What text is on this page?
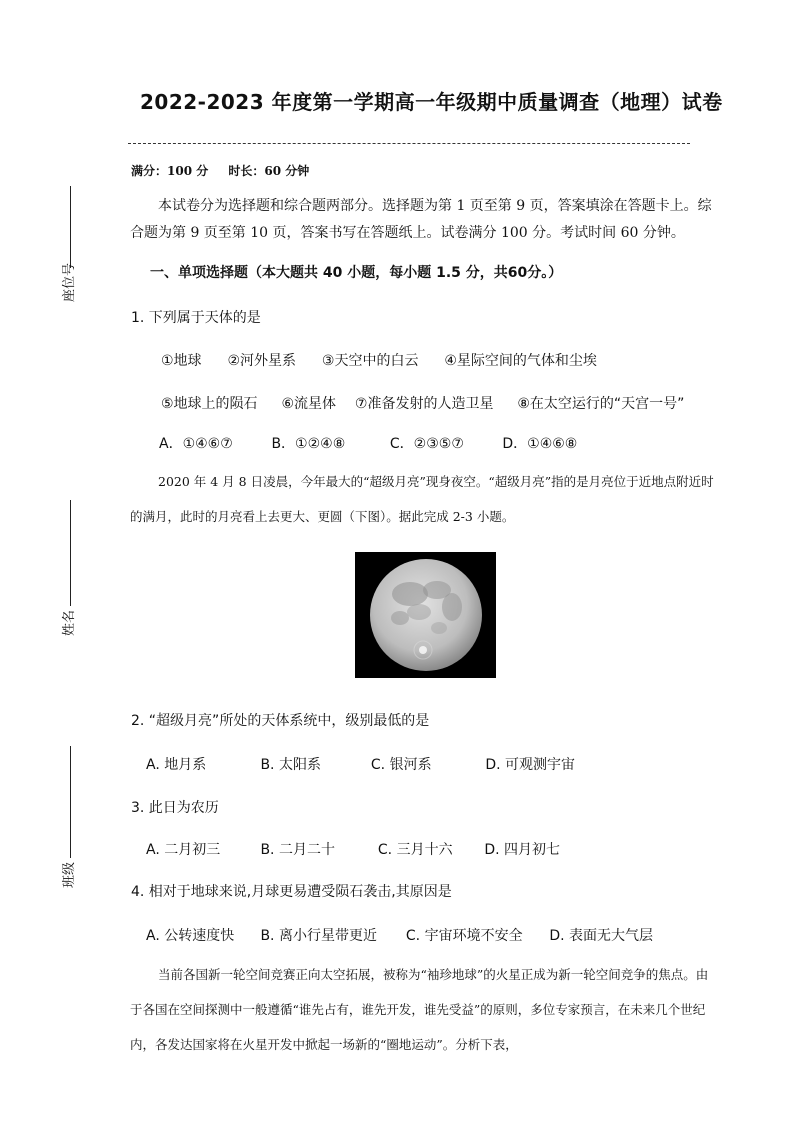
座位号
姓名
班级
2022-2023 年度第一学期高一年级期中质量调查（地理）试卷
满分：100 分 时长：60 分钟
本试卷分为选择题和综合题两部分。选择题为第 1 页至第 9 页，答案填涂在答题卡上。综合题为第 9 页至第 10 页，答案书写在答题纸上。试卷满分 100 分。考试时间 60 分钟。
一、单项选择题（本大题共 40 小题，每小题 1.5 分，共60分。）
1. 下列属于天体的是
①地球 ②河外星系 ③天空中的白云 ④星际空间的气体和尘埃
⑤地球上的陨石 ⑥流星体 ⑦准备发射的人造卫星 ⑧在太空运行的“天宫一号”
A．①④⑥⑦	B．①②④⑧	C．②③⑤⑦	D．①④⑥⑧
2020 年 4 月 8 日凌晨，今年最大的“超级月亮”现身夜空。“超级月亮”指的是月亮位于近地点附近时的满月，此时的月亮看上去更大、更圆（下图）。据此完成 2-3 小题。
2. “超级月亮”所处的天体系统中，级别最低的是
A. 地月系	B. 太阳系	C. 银河系	D. 可观测宇宙
3. 此日为农历
A. 二月初三	B. 二月二十	C. 三月十六 D. 四月初七
4. 相对于地球来说,月球更易遭受陨石袭击,其原因是
A. 公转速度快 B. 离小行星带更近 C. 宇宙环境不安全 D. 表面无大气层
当前各国新一轮空间竞赛正向太空拓展，被称为“袖珍地球”的火星正成为新一轮空间竞争的焦点。由于各国在空间探测中一般遵循“谁先占有，谁先开发，谁先受益”的原则，多位专家预言，在未来几个世纪内，各发达国家将在火星开发中掀起一场新的“圈地运动”。分析下表，
